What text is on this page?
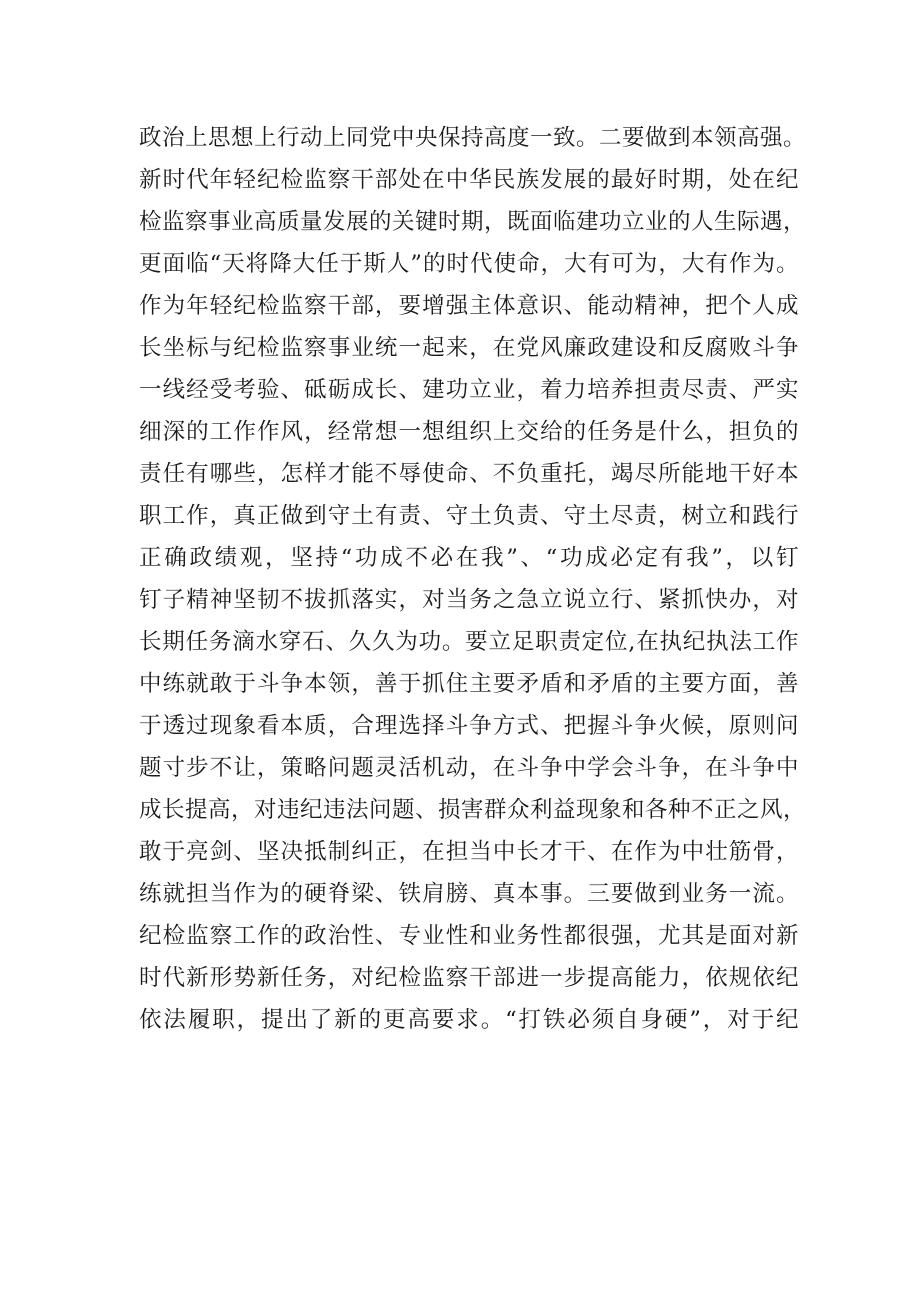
政治上思想上行动上同党中央保持高度一致。二要做到本领高强。
新时代年轻纪检监察干部处在中华民族发展的最好时期，处在纪
检监察事业高质量发展的关键时期，既面临建功立业的人生际遇，
更面临“天将降大任于斯人”的时代使命，大有可为，大有作为。
作为年轻纪检监察干部，要增强主体意识、能动精神，把个人成
长坐标与纪检监察事业统一起来，在党风廉政建设和反腐败斗争
一线经受考验、砥砺成长、建功立业，着力培养担责尽责、严实
细深的工作作风，经常想一想组织上交给的任务是什么，担负的
责任有哪些，怎样才能不辱使命、不负重托，竭尽所能地干好本
职工作，真正做到守土有责、守土负责、守土尽责，树立和践行
正确政绩观，坚持“功成不必在我”、“功成必定有我”，以钉
钉子精神坚韧不拔抓落实，对当务之急立说立行、紧抓快办，对
长期任务滴水穿石、久久为功。要立足职责定位,在执纪执法工作
中练就敢于斗争本领，善于抓住主要矛盾和矛盾的主要方面，善
于透过现象看本质，合理选择斗争方式、把握斗争火候，原则问
题寸步不让，策略问题灵活机动，在斗争中学会斗争，在斗争中
成长提高，对违纪违法问题、损害群众利益现象和各种不正之风，
敢于亮剑、坚决抵制纠正，在担当中长才干、在作为中壮筋骨，
练就担当作为的硬脊梁、铁肩膀、真本事。三要做到业务一流。
纪检监察工作的政治性、专业性和业务性都很强，尤其是面对新
时代新形势新任务，对纪检监察干部进一步提高能力，依规依纪
依法履职，提出了新的更高要求。“打铁必须自身硬”，对于纪
